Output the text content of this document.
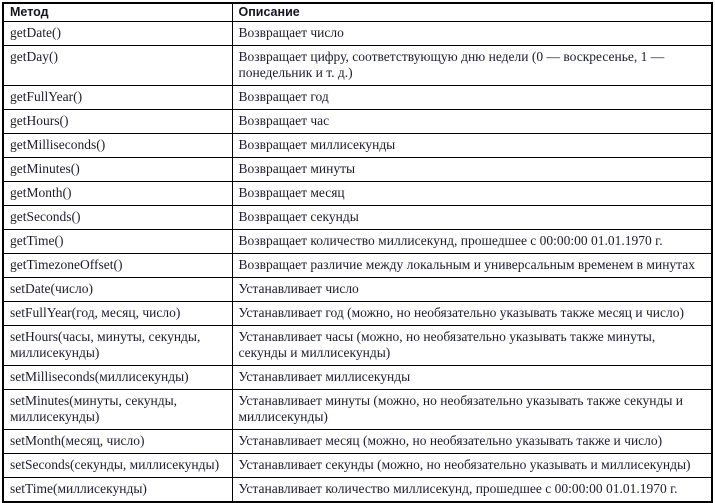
Метод	Описание
getDate()	Возвращает число
getDay()	Возвращает цифру, соответствующую дню недели (0 — воскресенье, 1 — понедельник и т. д.)
getFullYear()	Возвращает год
getHours()	Возвращает час
getMilliseconds()	Возвращает миллисекунды
getMinutes()	Возвращает минуты
getMonth()	Возвращает месяц
getSeconds()	Возвращает секунды
getTime()	Возвращает количество миллисекунд, прошедшее с 00:00:00 01.01.1970 г.
getTimezoneOffset()	Возвращает различие между локальным и универсальным временем в минутах
setDate(число)	Устанавливает число
setFullYear(год, месяц, число)	Устанавливает год (можно, но необязательно указывать также месяц и число)
setHours(часы, минуты, секунды, миллисекунды)	Устанавливает часы (можно, но необязательно указывать также минуты, секунды и миллисекунды)
setMilliseconds(миллисекунды)	Устанавливает миллисекунды
setMinutes(минуты, секунды, миллисекунды)	Устанавливает минуты (можно, но необязательно указывать также секунды и миллисекунды)
setMonth(месяц, число)	Устанавливает месяц (можно, но необязательно указывать также и число)
setSeconds(секунды, миллисекунды)	Устанавливает секунды (можно, но необязательно указывать и миллисекунды)
setTime(миллисекунды)	Устанавливает количество миллисекунд, прошедшее с 00:00:00 01.01.1970 г.
